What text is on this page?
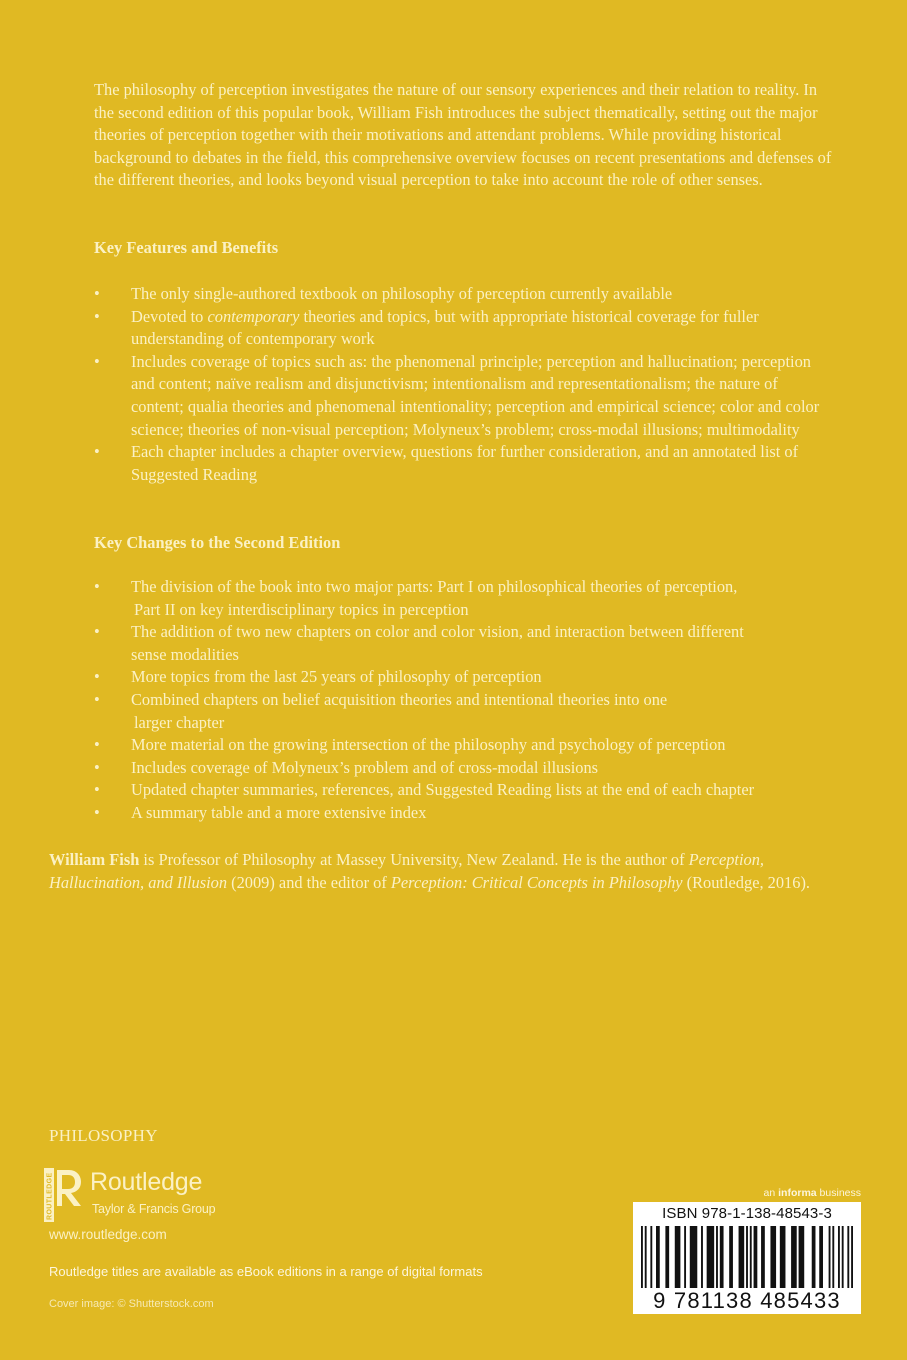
The philosophy of perception investigates the nature of our sensory experiences and their relation to reality. In the second edition of this popular book, William Fish introduces the subject thematically, setting out the major theories of perception together with their motivations and attendant problems. While providing historical background to debates in the field, this comprehensive overview focuses on recent presentations and defenses of the different theories, and looks beyond visual perception to take into account the role of other senses.

Key Features and Benefits
• The only single-authored textbook on philosophy of perception currently available
• Devoted to contemporary theories and topics, but with appropriate historical coverage for fuller understanding of contemporary work
• Includes coverage of topics such as: the phenomenal principle; perception and hallucination; perception and content; naïve realism and disjunctivism; intentionalism and representationalism; the nature of content; qualia theories and phenomenal intentionality; perception and empirical science; color and color science; theories of non-visual perception; Molyneux’s problem; cross-modal illusions; multimodality
• Each chapter includes a chapter overview, questions for further consideration, and an annotated list of Suggested Reading
Key Changes to the Second Edition
• The division of the book into two major parts: Part I on philosophical theories of perception,
Part II on key interdisciplinary topics in perception
• The addition of two new chapters on color and color vision, and interaction between different
sense modalities
• More topics from the last 25 years of philosophy of perception
• Combined chapters on belief acquisition theories and intentional theories into one
larger chapter
• More material on the growing intersection of the philosophy and psychology of perception
• Includes coverage of Molyneux’s problem and of cross-modal illusions
• Updated chapter summaries, references, and Suggested Reading lists at the end of each chapter
• A summary table and a more extensive index

William Fish is Professor of Philosophy at Massey University, New Zealand. He is the author of Perception, Hallucination, and Illusion (2009) and the editor of Perception: Critical Concepts in Philosophy (Routledge, 2016).

PHILOSOPHY
ROUTLEDGE Routledge
Taylor & Francis Group
www.routledge.com
Routledge titles are available as eBook editions in a range of digital formats
Cover image: © Shutterstock.com
an informa business
ISBN 978-1-138-48543-3
9 781138 485433
